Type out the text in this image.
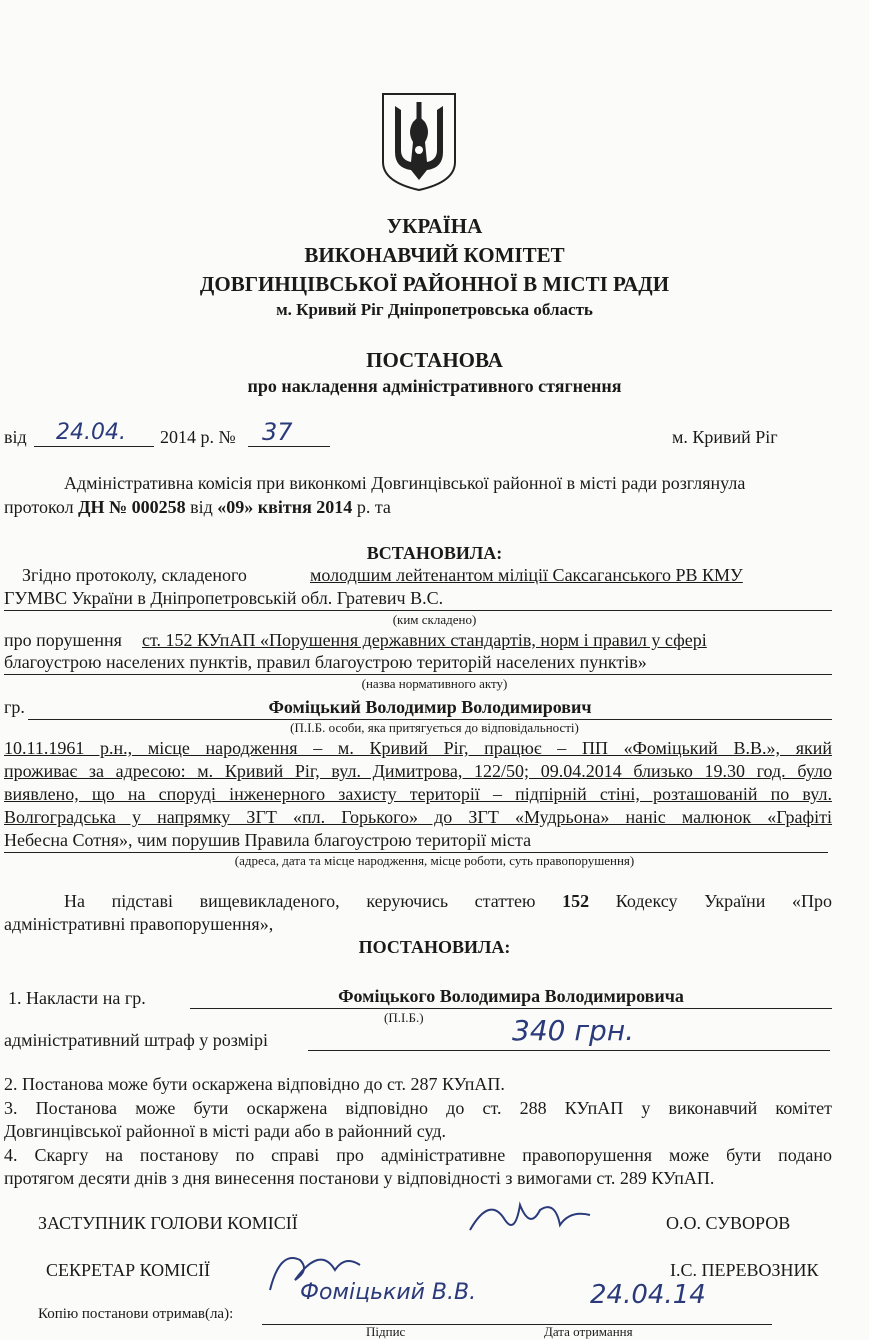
УКРАЇНА
ВИКОНАВЧИЙ КОМІТЕТ
ДОВГИНЦІВСЬКОЇ РАЙОННОЇ В МІСТІ РАДИ
м. Кривий Ріг Дніпропетровська область
ПОСТАНОВА
про накладення адміністративного стягнення
від 24.04. 2014 р. № 37	м. Кривий Ріг
Адміністративна комісія при виконкомі Довгинцівської районної в місті ради розглянула
протокол ДН № 000258 від «09» квітня 2014 р. та
ВСТАНОВИЛА:
Згідно протоколу, складеного	молодшим лейтенантом міліції Саксаганського РВ КМУ
ГУМВС України в Дніпропетровській обл. Гратевич В.С.
(ким складено)
про порушення ст. 152 КУпАП «Порушення державних стандартів, норм і правил у сфері
благоустрою населених пунктів, правил благоустрою територій населених пунктів»
(назва нормативного акту)
гр.	Фоміцький Володимир Володимирович
(П.І.Б. особи, яка притягується до відповідальності)
10.11.1961 р.н., місце народження – м. Кривий Ріг, працює – ПП «Фоміцький В.В.», який
проживає за адресою: м. Кривий Ріг, вул. Димитрова, 122/50; 09.04.2014 близько 19.30 год. було
виявлено, що на споруді інженерного захисту території – підпірній стіні, розташованій по вул.
Волгоградська у напрямку ЗГТ «пл. Горького» до ЗГТ «Мудрьона» наніс малюнок «Графіті
Небесна Сотня», чим порушив Правила благоустрою території міста
(адреса, дата та місце народження, місце роботи, суть правопорушення)
На підставі вищевикладеного, керуючись статтею 152 Кодексу України «Про
адміністративні правопорушення»,
ПОСТАНОВИЛА:
1. Накласти на гр.	Фоміцького Володимира Володимировича
(П.І.Б.)
адміністративний штраф у розмірі	340 грн.
2. Постанова може бути оскаржена відповідно до ст. 287 КУпАП.
3. Постанова може бути оскаржена відповідно до ст. 288 КУпАП у виконавчий комітет
Довгинцівської районної в місті ради або в районний суд.
4. Скаргу на постанову по справі про адміністративне правопорушення може бути подано
протягом десяти днів з дня винесення постанови у відповідності з вимогами ст. 289 КУпАП.
ЗАСТУПНИК ГОЛОВИ КОМІСІЇ	О.О. СУВОРОВ
СЕКРЕТАР КОМІСІЇ	І.С. ПЕРЕВОЗНИК
Копію постанови отримав(ла):
Фоміцький В.В.	24.04.14
Підпис	Дата отримання
